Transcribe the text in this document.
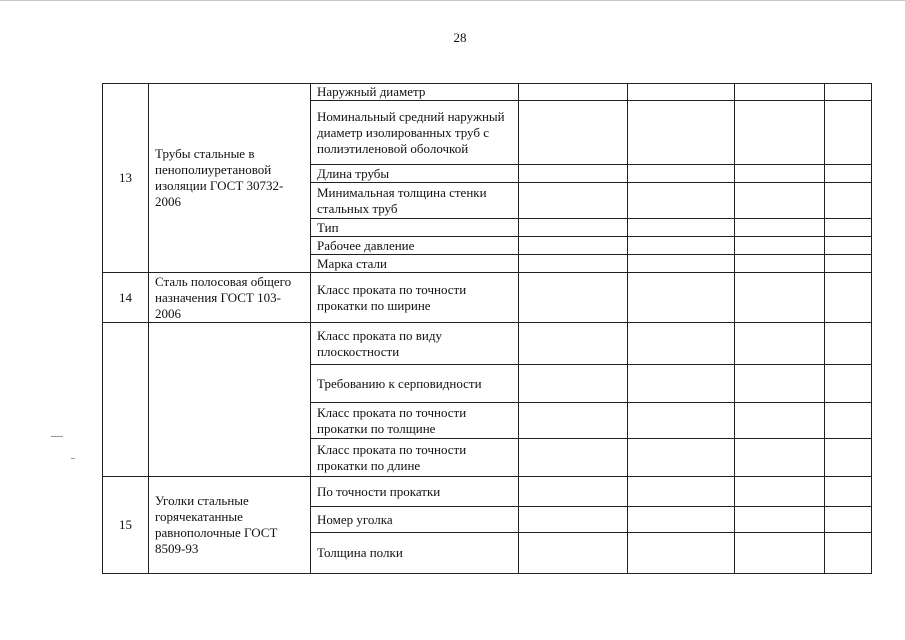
28
13	Трубы стальные в пенополиуретановой изоляции ГОСТ 30732-2006	Наружный диаметр				
		Номинальный средний наружный диаметр изолированных труб с полиэтиленовой оболочкой				
		Длина трубы				
		Минимальная толщина стенки стальных труб				
		Тип				
		Рабочее давление				
		Марка стали				
14	Сталь полосовая общего назначения ГОСТ 103-2006	Класс проката по точности прокатки по ширине				
		Класс проката по виду плоскостности				
		Требованию к серповидности				
		Класс проката по точности прокатки по толщине				
		Класс проката по точности прокатки по длине				
15	Уголки стальные горячекатанные равнополочные ГОСТ 8509-93	По точности прокатки				
		Номер уголка				
		Толщина полки				
